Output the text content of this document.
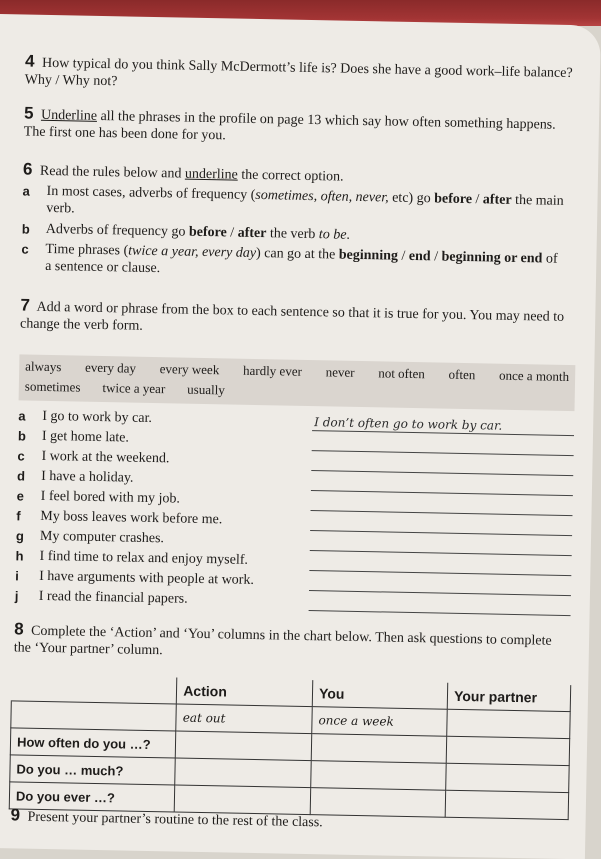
4 How typical do you think Sally McDermott’s life is? Does she have a good work–life balance? Why / Why not?
5 Underline all the phrases in the profile on page 13 which say how often something happens. The first one has been done for you.
6 Read the rules below and underline the correct option.
a In most cases, adverbs of frequency (sometimes, often, never, etc) go before / after the main verb.
b Adverbs of frequency go before / after the verb to be.
c Time phrases (twice a year, every day) can go at the beginning / end / beginning or end of a sentence or clause.
7 Add a word or phrase from the box to each sentence so that it is true for you. You may need to change the verb form.
always every day every week hardly ever never not often often once a month
sometimes twice a year usually
a I go to work by car.	I don’t often go to work by car.
b I get home late.
c I work at the weekend.
d I have a holiday.
e I feel bored with my job.
f My boss leaves work before me.
g My computer crashes.
h I find time to relax and enjoy myself.
i I have arguments with people at work.
j I read the financial papers.
8 Complete the ‘Action’ and ‘You’ columns in the chart below. Then ask questions to complete the ‘Your partner’ column.
	Action	You	Your partner
	eat out	once a week	
How often do you …?			
Do you … much?			
Do you ever …?			
9 Present your partner’s routine to the rest of the class.
